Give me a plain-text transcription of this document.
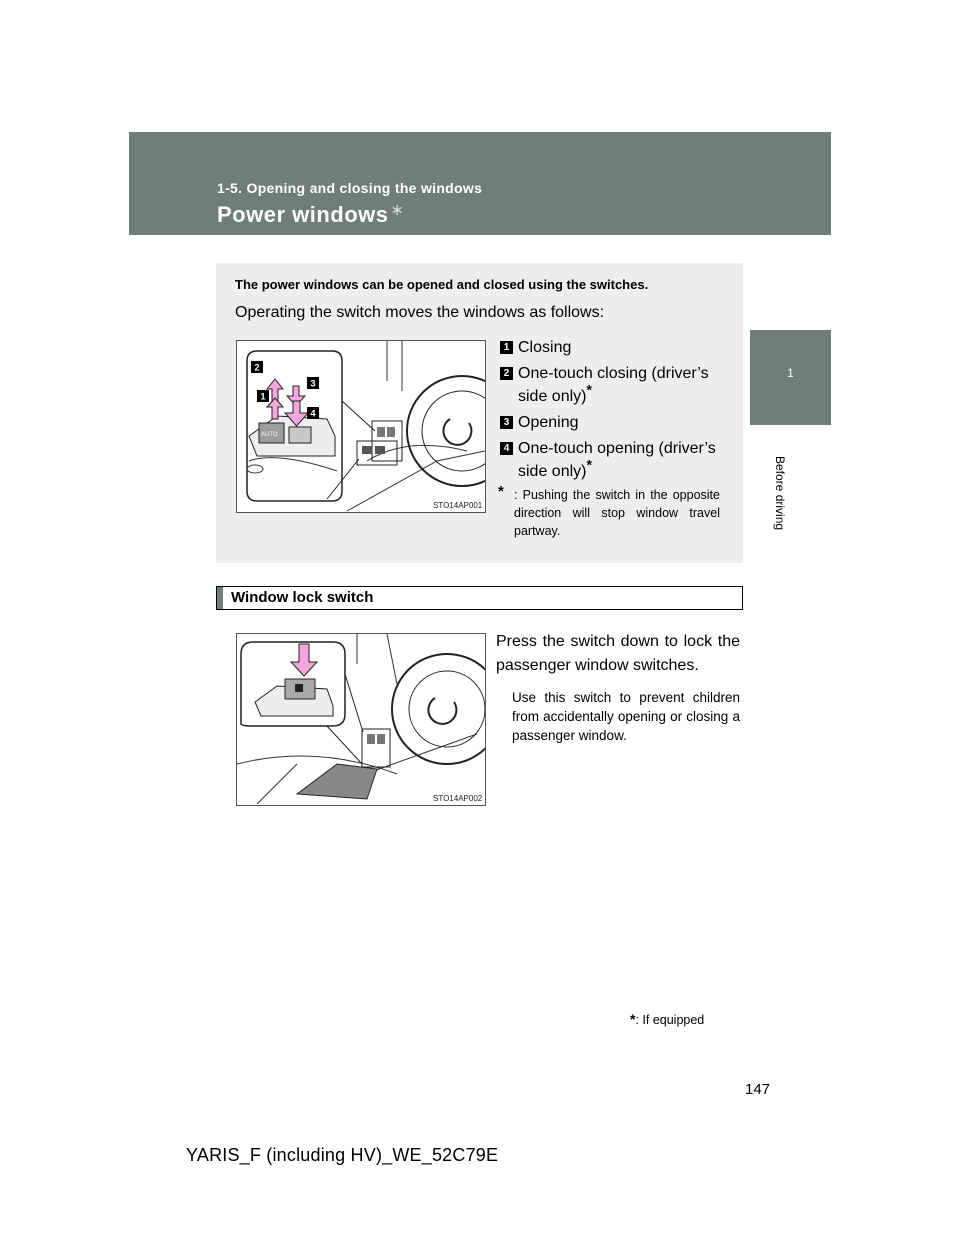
1-5. Opening and closing the windows
Power windows ∗
1
Before driving
The power windows can be opened and closed using the switches.
Operating the switch moves the windows as follows:
AUTO
2
1
3
4
STO14AP001
1 Closing
2 One-touch closing (driver’s side only)*
3 Opening
4 One-touch opening (driver’s side only)*
* : Pushing the switch in the opposite direction will stop window travel partway.
Window lock switch
STO14AP002
Press the switch down to lock the passenger window switches.
Use this switch to prevent children from accidentally opening or closing a passenger window.
*: If equipped
147
YARIS_F (including HV)_WE_52C79E
